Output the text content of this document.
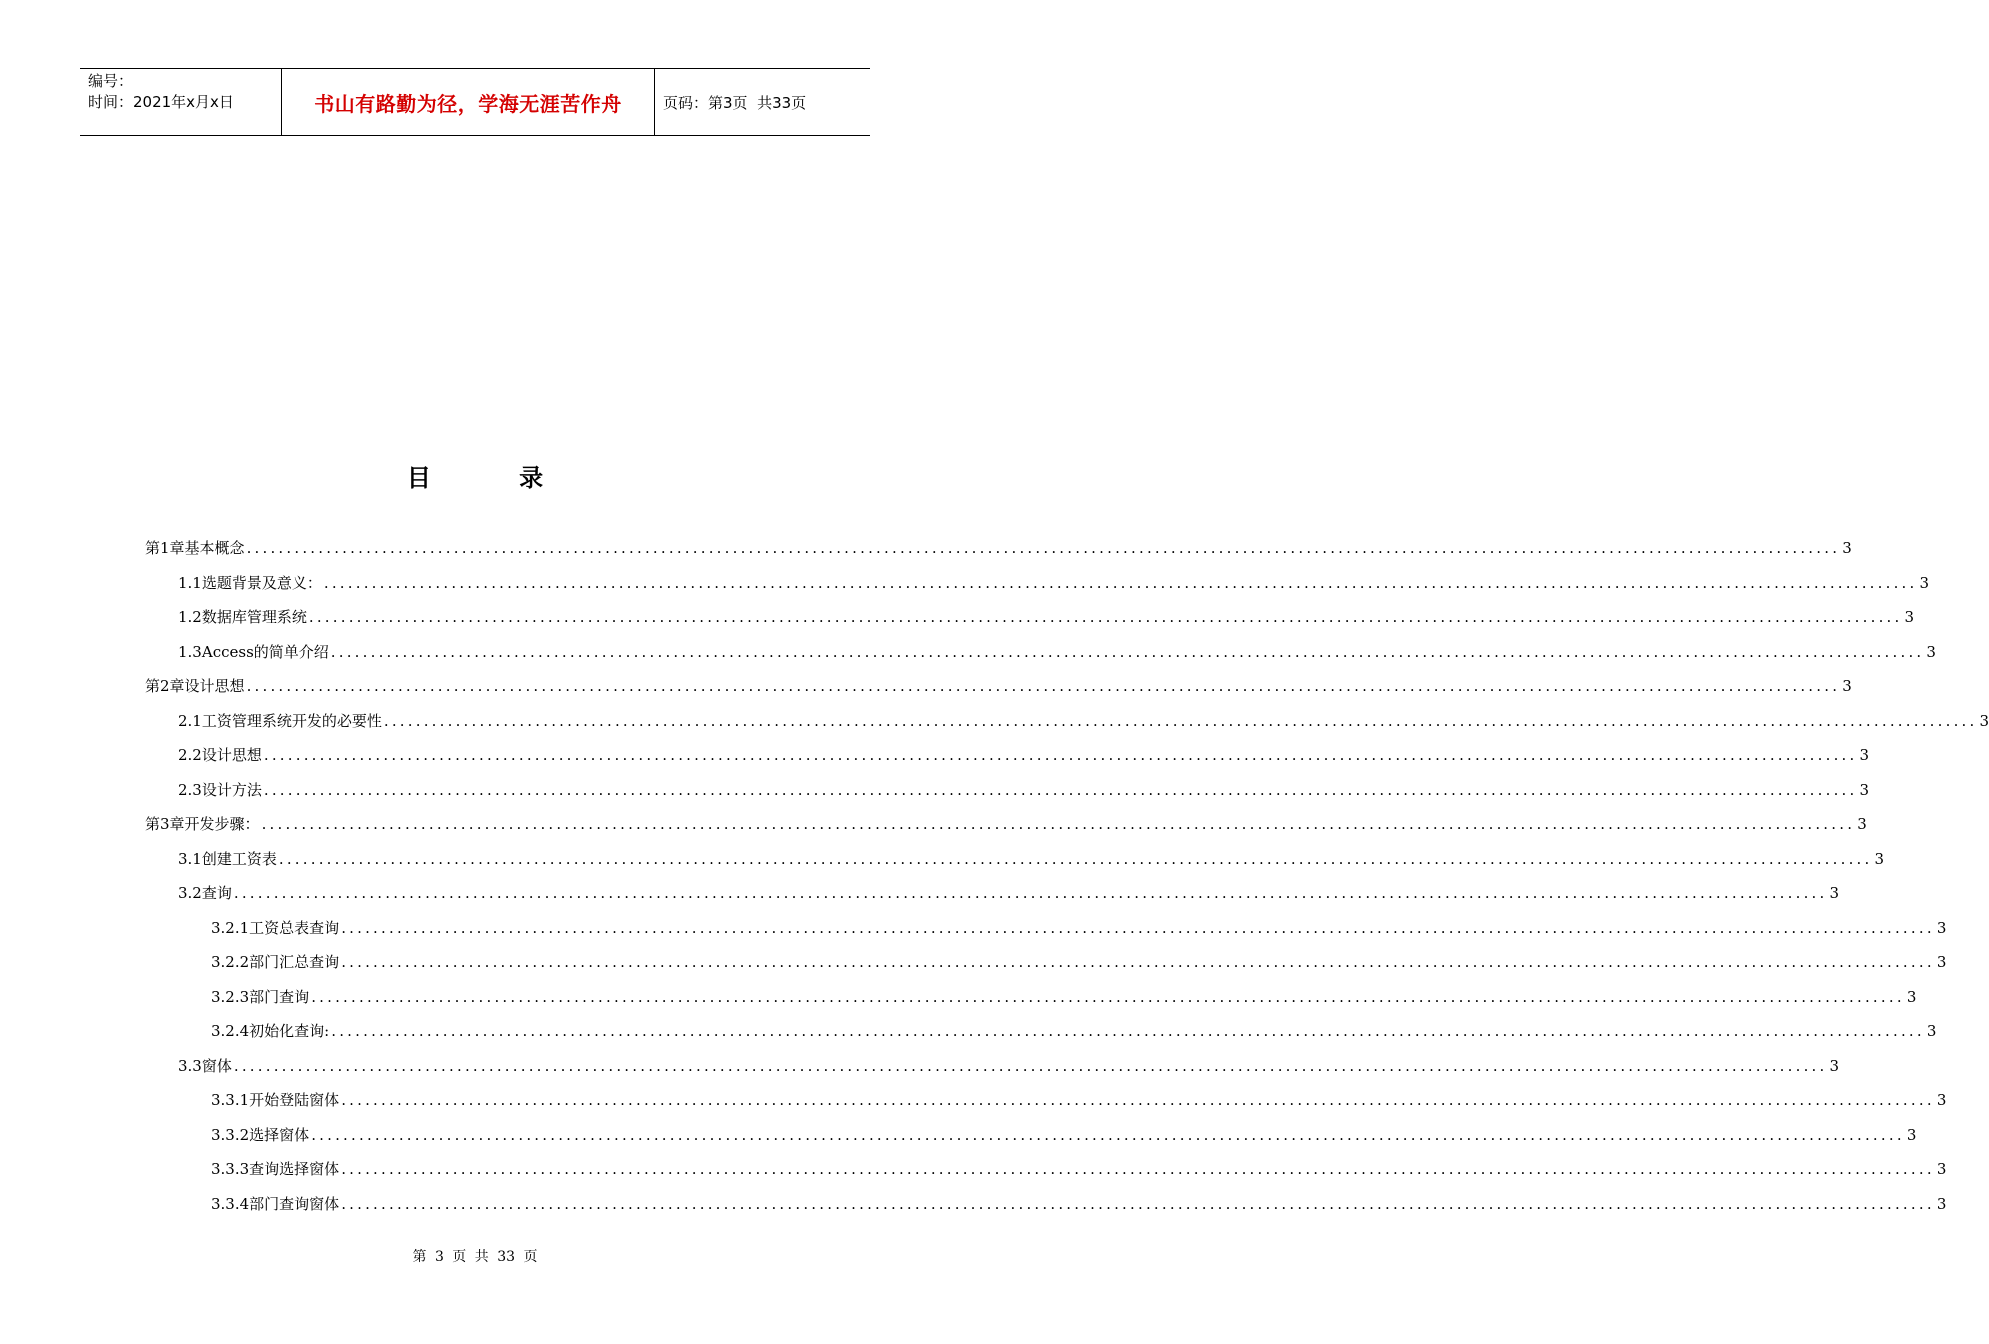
编号：
时间：2021年x月x日	书山有路勤为径，学海无涯苦作舟	页码：第3页  共33页
目 录
第1章 基本概念 ........................................................................................................................................................................................................ 3
1.1 选题背景及意义： ........................................................................................................................................................................................................ 3
1.2 数据库管理系统 ........................................................................................................................................................................................................ 3
1.3 Access的简单介绍 ........................................................................................................................................................................................................ 3
第2章 设计思想 ........................................................................................................................................................................................................ 3
2.1 工资管理系统开发的必要性 ........................................................................................................................................................................................................ 3
2.2 设计思想 ........................................................................................................................................................................................................ 3
2.3 设计方法 ........................................................................................................................................................................................................ 3
第3章 开发步骤： ........................................................................................................................................................................................................ 3
3.1 创建工资表 ........................................................................................................................................................................................................ 3
3.2 查询 ........................................................................................................................................................................................................ 3
3.2.1 工资总表查询 ........................................................................................................................................................................................................ 3
3.2.2 部门汇总查询 ........................................................................................................................................................................................................ 3
3.2.3 部门查询 ........................................................................................................................................................................................................ 3
3.2.4 初始化查询: ........................................................................................................................................................................................................ 3
3.3 窗体 ........................................................................................................................................................................................................ 3
3.3.1 开始登陆窗体 ........................................................................................................................................................................................................ 3
3.3.2 选择窗体 ........................................................................................................................................................................................................ 3
3.3.3 查询选择窗体 ........................................................................................................................................................................................................ 3
3.3.4 部门查询窗体 ........................................................................................................................................................................................................ 3
第 3 页 共 33 页
